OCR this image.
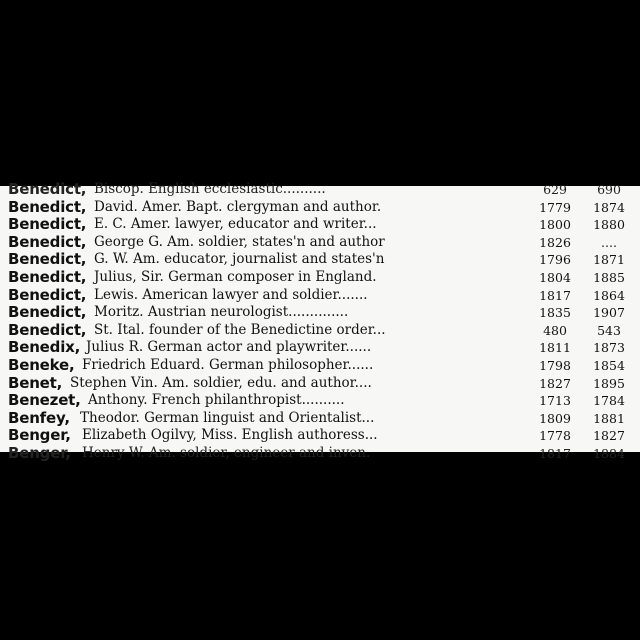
Benedict, Biscop. English ecclesiastic..........	629	690
Benedict, David. Amer. Bapt. clergyman and author.	1779	1874
Benedict, E. C. Amer. lawyer, educator and writer...	1800	1880
Benedict, George G. Am. soldier, states'n and author	1826	....
Benedict, G. W. Am. educator, journalist and states'n	1796	1871
Benedict, Julius, Sir. German composer in England.	1804	1885
Benedict, Lewis. American lawyer and soldier.......	1817	1864
Benedict, Moritz. Austrian neurologist..............	1835	1907
Benedict, St. Ital. founder of the Benedictine order...	480	543
Benedix, Julius R. German actor and playwriter......	1811	1873
Beneke, Friedrich Eduard. German philosopher......	1798	1854
Benet, Stephen Vin. Am. soldier, edu. and author....	1827	1895
Benezet, Anthony. French philanthropist..........	1713	1784
Benfey, Theodor. German linguist and Orientalist...	1809	1881
Benger, Elizabeth Ogilvy, Miss. English authoress...	1778	1827
Benger, Henry W. Am. soldier, engineer and inven.	1817	1884
